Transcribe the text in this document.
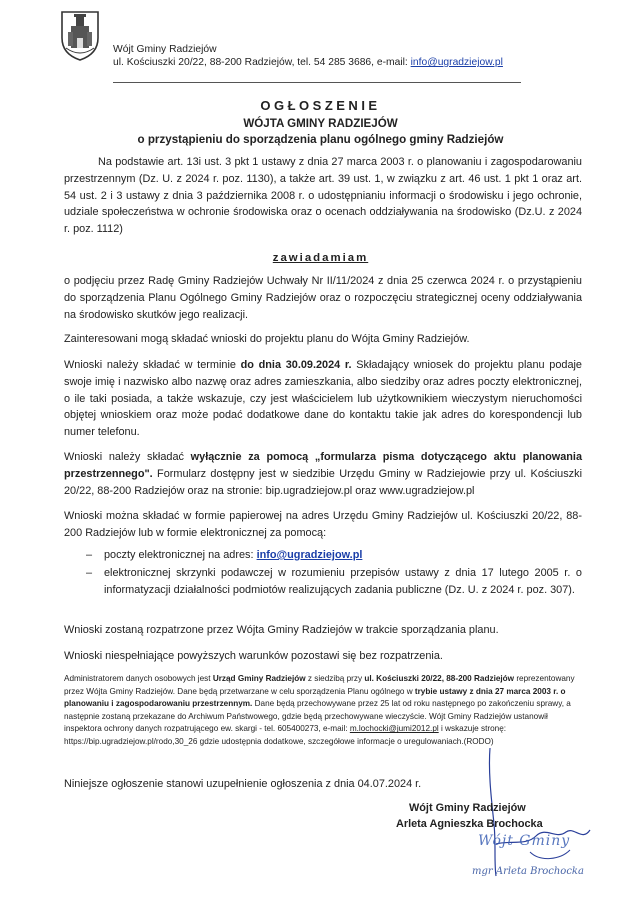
Wójt Gminy Radziejów
ul. Kościuszki 20/22, 88-200 Radziejów, tel. 54 285 3686, e-mail: info@ugradziejow.pl
OGŁOSZENIE
WÓJTA GMINY RADZIEJÓW
o przystąpieniu do sporządzenia planu ogólnego gminy Radziejów

Na podstawie art. 13i ust. 3 pkt 1 ustawy z dnia 27 marca 2003 r. o planowaniu i zagospodarowaniu przestrzennym (Dz. U. z 2024 r. poz. 1130), a także art. 39 ust. 1, w związku z art. 46 ust. 1 pkt 1 oraz art. 54 ust. 2 i 3 ustawy z dnia 3 października 2008 r. o udostępnianiu informacji o środowisku i jego ochronie, udziale społeczeństwa w ochronie środowiska oraz o ocenach oddziaływania na środowisko (Dz.U. z 2024 r. poz. 1112)

zawiadamiam

o podjęciu przez Radę Gminy Radziejów Uchwały Nr II/11/2024 z dnia 25 czerwca 2024 r. o przystąpieniu do sporządzenia Planu Ogólnego Gminy Radziejów oraz o rozpoczęciu strategicznej oceny oddziaływania na środowisko skutków jego realizacji.

Zainteresowani mogą składać wnioski do projektu planu do Wójta Gminy Radziejów.

Wnioski należy składać w terminie do dnia 30.09.2024 r. Składający wniosek do projektu planu podaje swoje imię i nazwisko albo nazwę oraz adres zamieszkania, albo siedziby oraz adres poczty elektronicznej, o ile taki posiada, a także wskazuje, czy jest właścicielem lub użytkownikiem wieczystym nieruchomości objętej wnioskiem oraz może podać dodatkowe dane do kontaktu takie jak adres do korespondencji lub numer telefonu.

Wnioski należy składać wyłącznie za pomocą „formularza pisma dotyczącego aktu planowania przestrzennego". Formularz dostępny jest w siedzibie Urzędu Gminy w Radziejowie przy ul. Kościuszki 20/22, 88-200 Radziejów oraz na stronie: bip.ugradziejow.pl oraz www.ugradziejow.pl

Wnioski można składać w formie papierowej na adres Urzędu Gminy Radziejów ul. Kościuszki 20/22, 88-200 Radziejów lub w formie elektronicznej za pomocą:

– poczty elektronicznej na adres: info@ugradziejow.pl
– elektronicznej skrzynki podawczej w rozumieniu przepisów ustawy z dnia 17 lutego 2005 r. o informatyzacji działalności podmiotów realizujących zadania publiczne (Dz. U. z 2024 r. poz. 307).

Wnioski zostaną rozpatrzone przez Wójta Gminy Radziejów w trakcie sporządzania planu.

Wnioski niespełniające powyższych warunków pozostawi się bez rozpatrzenia.

Administratorem danych osobowych jest Urząd Gminy Radziejów z siedzibą przy ul. Kościuszki 20/22, 88-200 Radziejów reprezentowany przez Wójta Gminy Radziejów. Dane będą przetwarzane w celu sporządzenia Planu ogólnego w trybie ustawy z dnia 27 marca 2003 r. o planowaniu i zagospodarowaniu przestrzennym. Dane będą przechowywane przez 25 lat od roku następnego po zakończeniu sprawy, a następnie zostaną przekazane do Archiwum Państwowego, gdzie będą przechowywane wieczyście. Wójt Gminy Radziejów ustanowił inspektora ochrony danych rozpatrującego ew. skargi - tel. 605400273, e-mail: m.lochocki@jumi2012.pl i wskazuje stronę: https://bip.ugradziejow.pl/rodo,30_26 gdzie udostępnia dodatkowe, szczegółowe informacje o uregulowaniach.(RODO)

Niniejsze ogłoszenie stanowi uzupełnienie ogłoszenia z dnia 04.07.2024 r.

Wójt Gminy Radziejów
Arleta Agnieszka Brochocka
Wójt Gminy
mgr Arleta Brochocka
